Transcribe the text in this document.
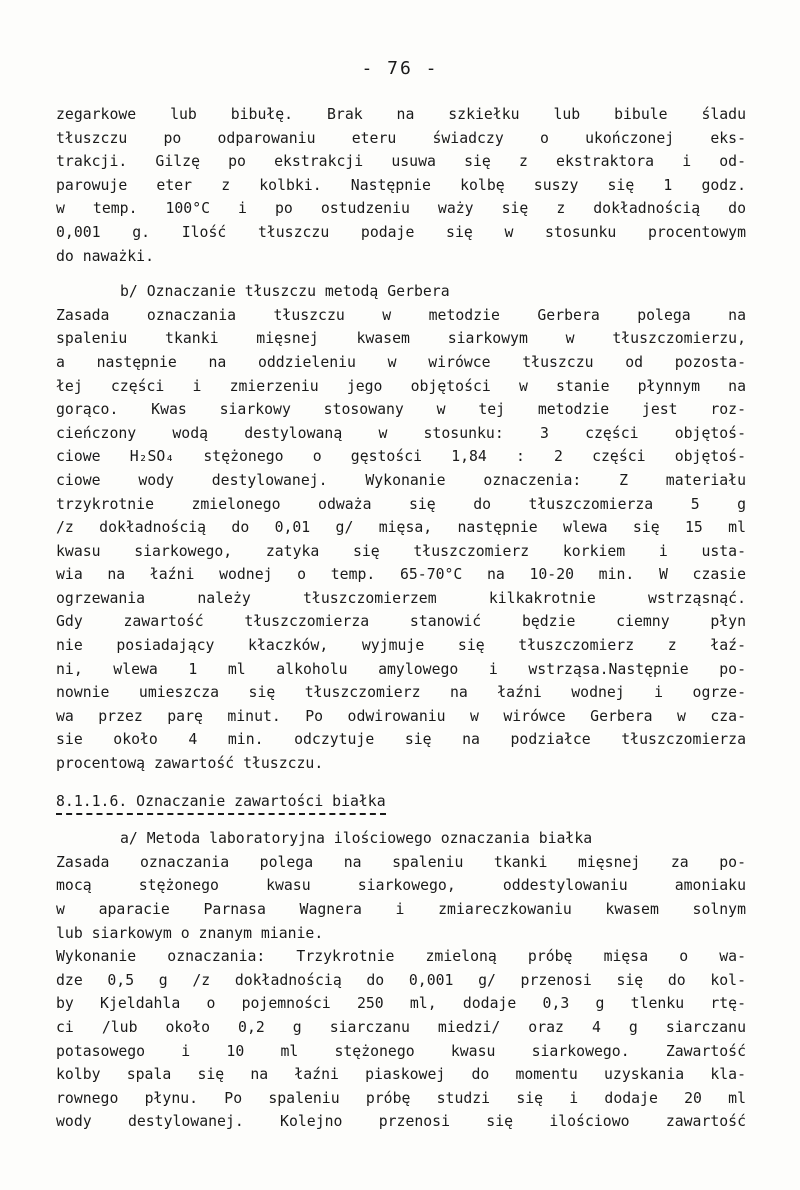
- 76 -
zegarkowe lub bibułę. Brak na szkiełku lub bibule śladu
tłuszczu po odparowaniu eteru świadczy o ukończonej eks-
trakcji. Gilzę po ekstrakcji usuwa się z ekstraktora i od-
parowuje eter z kolbki. Następnie kolbę suszy się 1 godz.
w temp. 100°C i po ostudzeniu waży się z dokładnością do
0,001 g. Ilość tłuszczu podaje się w stosunku procentowym
do naważki.
b/ Oznaczanie tłuszczu metodą Gerbera
Zasada oznaczania tłuszczu w metodzie Gerbera polega na
spaleniu tkanki mięsnej kwasem siarkowym w tłuszczomierzu,
a następnie na oddzieleniu w wirówce tłuszczu od pozosta-
łej części i zmierzeniu jego objętości w stanie płynnym na
gorąco. Kwas siarkowy stosowany w tej metodzie jest roz-
cieńczony wodą destylowaną w stosunku: 3 części objętoś-
ciowe H₂SO₄ stężonego o gęstości 1,84 : 2 części objętoś-
ciowe wody destylowanej. Wykonanie oznaczenia: Z materiału
trzykrotnie zmielonego odważa się do tłuszczomierza 5 g
/z dokładnością do 0,01 g/ mięsa, następnie wlewa się 15 ml
kwasu siarkowego, zatyka się tłuszczomierz korkiem i usta-
wia na łaźni wodnej o temp. 65-70°C na 10-20 min. W czasie
ogrzewania należy tłuszczomierzem kilkakrotnie wstrząsnąć.
Gdy zawartość tłuszczomierza stanowić będzie ciemny płyn
nie posiadający kłaczków, wyjmuje się tłuszczomierz z łaź-
ni, wlewa 1 ml alkoholu amylowego i wstrząsa.Następnie po-
nownie umieszcza się tłuszczomierz na łaźni wodnej i ogrze-
wa przez parę minut. Po odwirowaniu w wirówce Gerbera w cza-
sie około 4 min. odczytuje się na podziałce tłuszczomierza
procentową zawartość tłuszczu.
8.1.1.6. Oznaczanie zawartości białka
a/ Metoda laboratoryjna ilościowego oznaczania białka
Zasada oznaczania polega na spaleniu tkanki mięsnej za po-
mocą stężonego kwasu siarkowego, oddestylowaniu amoniaku
w aparacie Parnasa Wagnera i zmiareczkowaniu kwasem solnym
lub siarkowym o znanym mianie.
Wykonanie oznaczania: Trzykrotnie zmieloną próbę mięsa o wa-
dze 0,5 g /z dokładnością do 0,001 g/ przenosi się do kol-
by Kjeldahla o pojemności 250 ml, dodaje 0,3 g tlenku rtę-
ci /lub około 0,2 g siarczanu miedzi/ oraz 4 g siarczanu
potasowego i 10 ml stężonego kwasu siarkowego. Zawartość
kolby spala się na łaźni piaskowej do momentu uzyskania kla-
rownego płynu. Po spaleniu próbę studzi się i dodaje 20 ml
wody destylowanej. Kolejno przenosi się ilościowo zawartość
